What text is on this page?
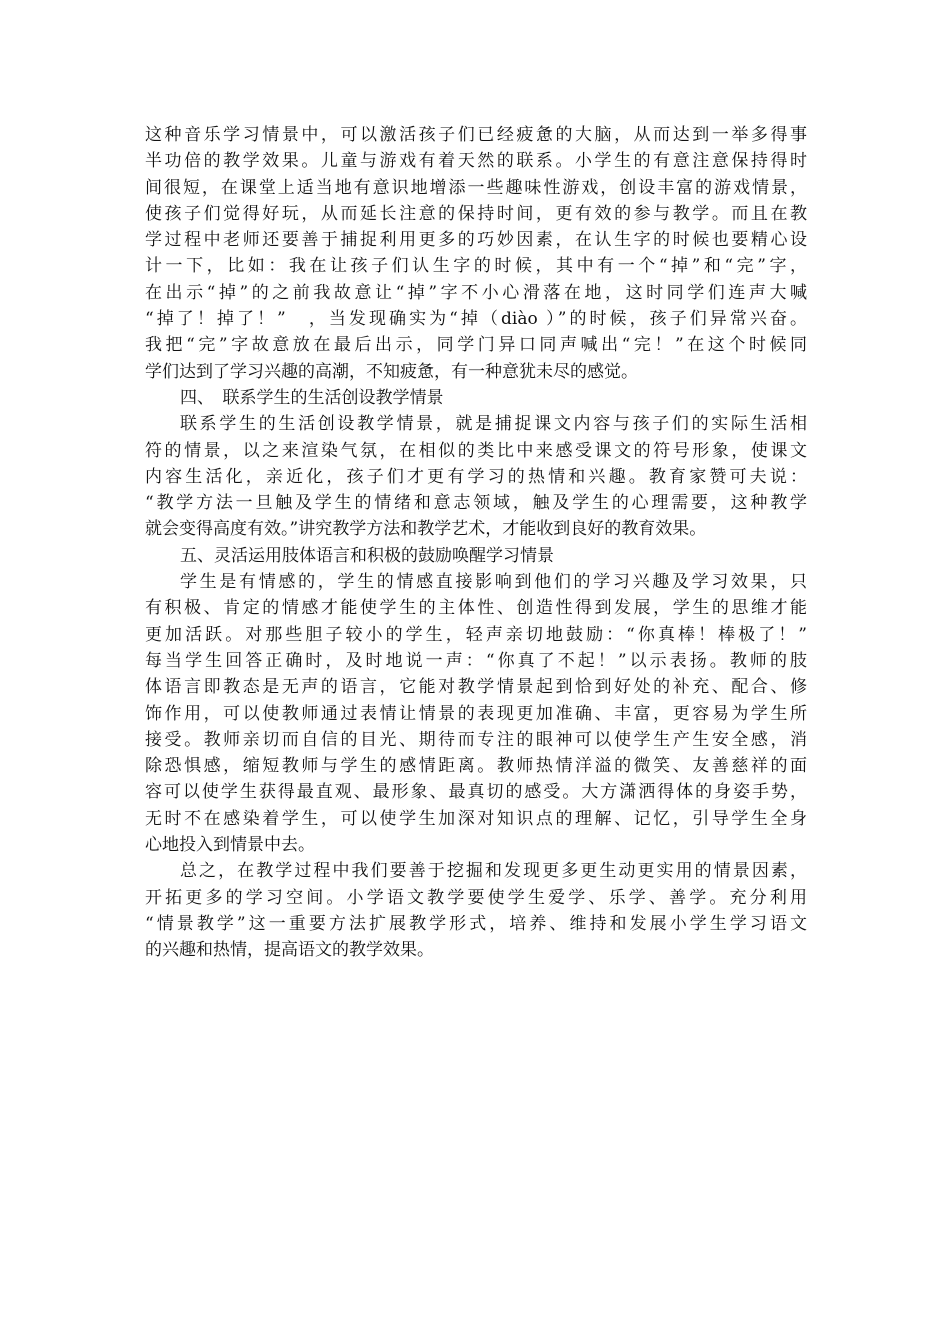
这种音乐学习情景中，可以激活孩子们已经疲惫的大脑，从而达到一举多得事
半功倍的教学效果。儿童与游戏有着天然的联系。小学生的有意注意保持得时
间很短，在课堂上适当地有意识地增添一些趣味性游戏，创设丰富的游戏情景，
使孩子们觉得好玩，从而延长注意的保持时间，更有效的参与教学。而且在教
学过程中老师还要善于捕捉利用更多的巧妙因素，在认生字的时候也要精心设
计一下，比如：我在让孩子们认生字的时候，其中有一个“掉”和“完”字，
在出示“掉”的之前我故意让“掉”字不小心滑落在地，这时同学们连声大喊
“掉了！掉了！”　，当发现确实为“掉（diào ）”的时候，孩子们异常兴奋。
我把“完”字故意放在最后出示，同学门异口同声喊出“完！”在这个时候同
学们达到了学习兴趣的高潮，不知疲惫，有一种意犹未尽的感觉。
四、　联系学生的生活创设教学情景
联系学生的生活创设教学情景，就是捕捉课文内容与孩子们的实际生活相
符的情景，以之来渲染气氛，在相似的类比中来感受课文的符号形象，使课文
内容生活化，亲近化，孩子们才更有学习的热情和兴趣。教育家赞可夫说：
“教学方法一旦触及学生的情绪和意志领域，触及学生的心理需要，这种教学
就会变得高度有效。”讲究教学方法和教学艺术，才能收到良好的教育效果。
五、灵活运用肢体语言和积极的鼓励唤醒学习情景
学生是有情感的，学生的情感直接影响到他们的学习兴趣及学习效果，只
有积极、肯定的情感才能使学生的主体性、创造性得到发展，学生的思维才能
更加活跃。对那些胆子较小的学生，轻声亲切地鼓励：“你真棒！棒极了！”
每当学生回答正确时，及时地说一声：“你真了不起！”以示表扬。教师的肢
体语言即教态是无声的语言，它能对教学情景起到恰到好处的补充、配合、修
饰作用，可以使教师通过表情让情景的表现更加准确、丰富，更容易为学生所
接受。教师亲切而自信的目光、期待而专注的眼神可以使学生产生安全感，消
除恐惧感，缩短教师与学生的感情距离。教师热情洋溢的微笑、友善慈祥的面
容可以使学生获得最直观、最形象、最真切的感受。大方潇洒得体的身姿手势，
无时不在感染着学生，可以使学生加深对知识点的理解、记忆，引导学生全身
心地投入到情景中去。
总之，在教学过程中我们要善于挖掘和发现更多更生动更实用的情景因素，
开拓更多的学习空间。小学语文教学要使学生爱学、乐学、善学。充分利用
“情景教学”这一重要方法扩展教学形式，培养、维持和发展小学生学习语文
的兴趣和热情，提高语文的教学效果。
